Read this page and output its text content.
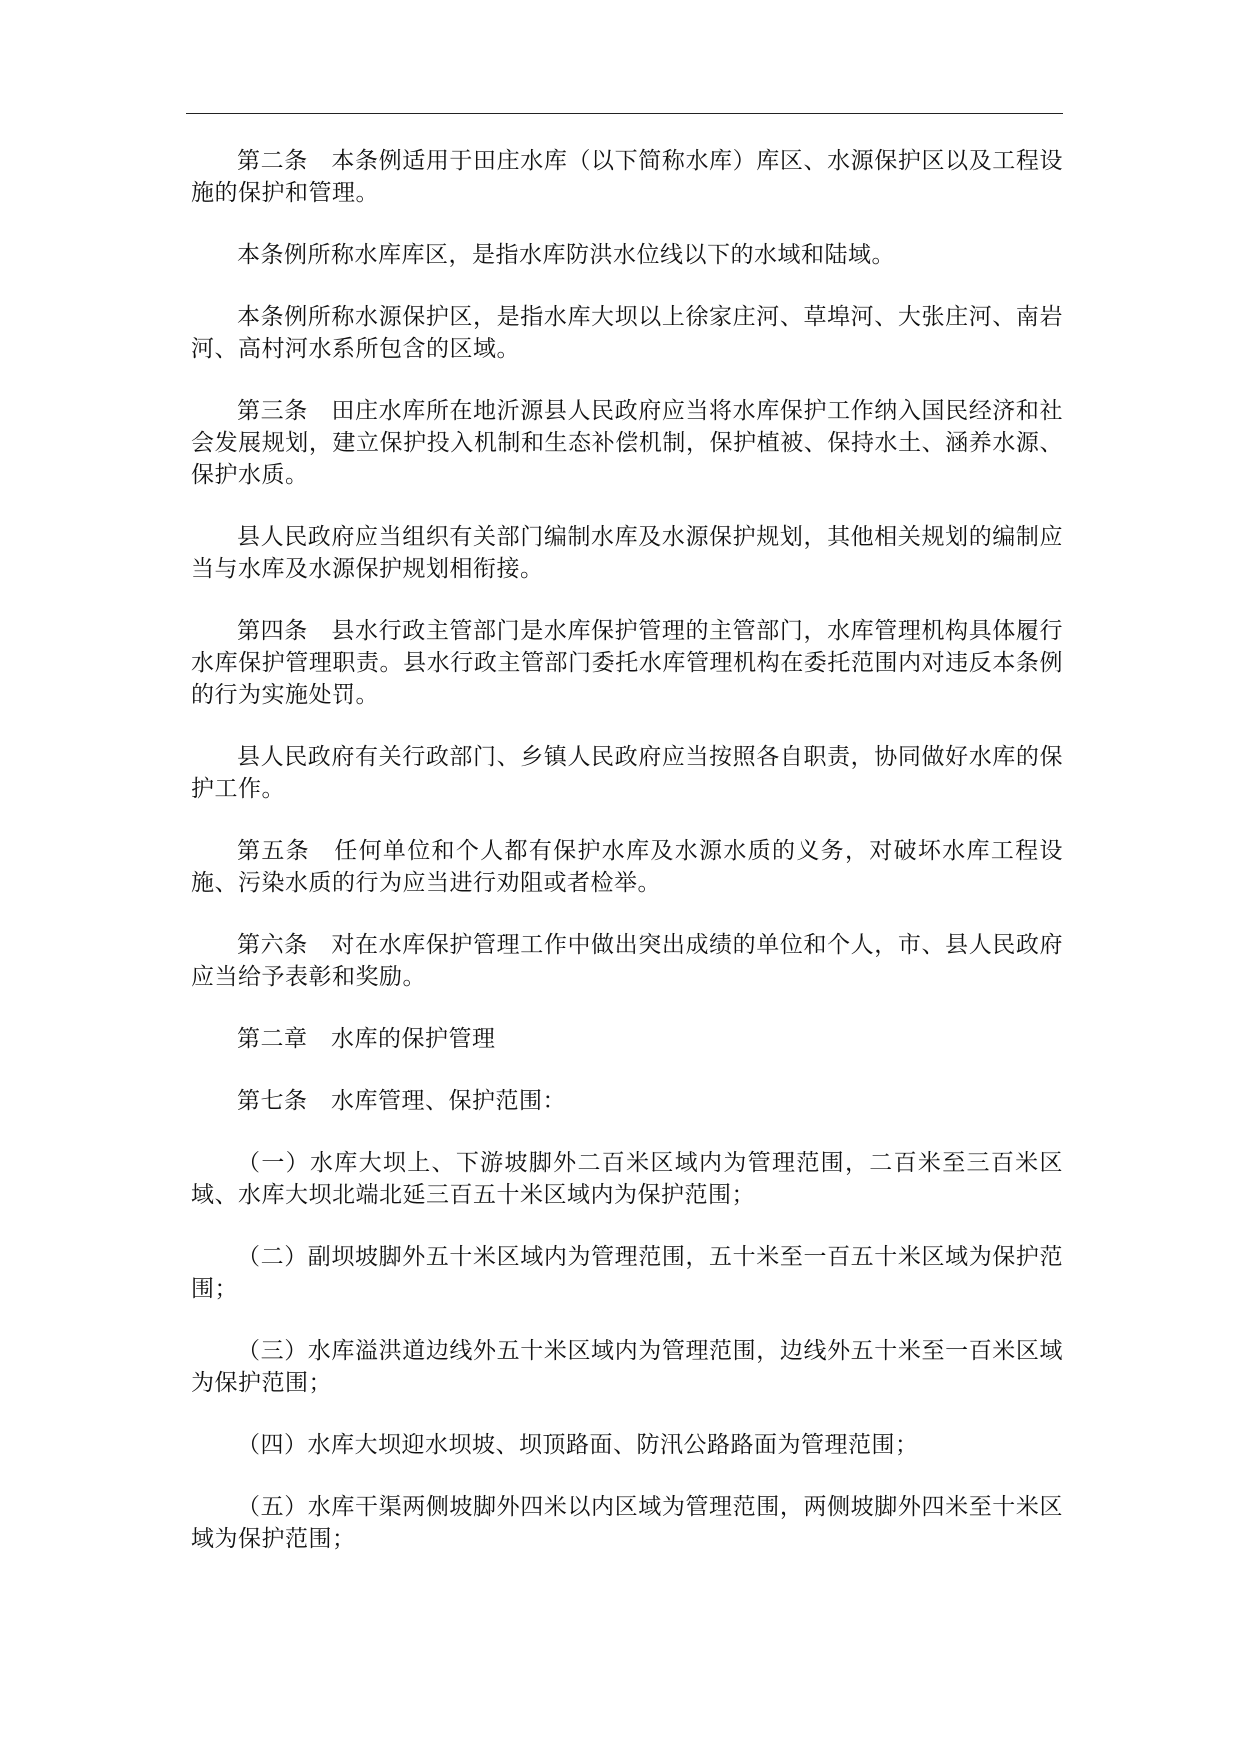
第二条　本条例适用于田庄水库（以下简称水库）库区、水源保护区以及工程设施的保护和管理。

本条例所称水库库区，是指水库防洪水位线以下的水域和陆域。

本条例所称水源保护区，是指水库大坝以上徐家庄河、草埠河、大张庄河、南岩河、高村河水系所包含的区域。

第三条　田庄水库所在地沂源县人民政府应当将水库保护工作纳入国民经济和社会发展规划，建立保护投入机制和生态补偿机制，保护植被、保持水土、涵养水源、保护水质。

县人民政府应当组织有关部门编制水库及水源保护规划，其他相关规划的编制应当与水库及水源保护规划相衔接。

第四条　县水行政主管部门是水库保护管理的主管部门，水库管理机构具体履行水库保护管理职责。县水行政主管部门委托水库管理机构在委托范围内对违反本条例的行为实施处罚。

县人民政府有关行政部门、乡镇人民政府应当按照各自职责，协同做好水库的保护工作。

第五条　任何单位和个人都有保护水库及水源水质的义务，对破坏水库工程设施、污染水质的行为应当进行劝阻或者检举。

第六条　对在水库保护管理工作中做出突出成绩的单位和个人，市、县人民政府应当给予表彰和奖励。

第二章　水库的保护管理

第七条　水库管理、保护范围：

（一）水库大坝上、下游坡脚外二百米区域内为管理范围，二百米至三百米区域、水库大坝北端北延三百五十米区域内为保护范围；

（二）副坝坡脚外五十米区域内为管理范围，五十米至一百五十米区域为保护范围；

（三）水库溢洪道边线外五十米区域内为管理范围，边线外五十米至一百米区域为保护范围；

（四）水库大坝迎水坝坡、坝顶路面、防汛公路路面为管理范围；

（五）水库干渠两侧坡脚外四米以内区域为管理范围，两侧坡脚外四米至十米区域为保护范围；
